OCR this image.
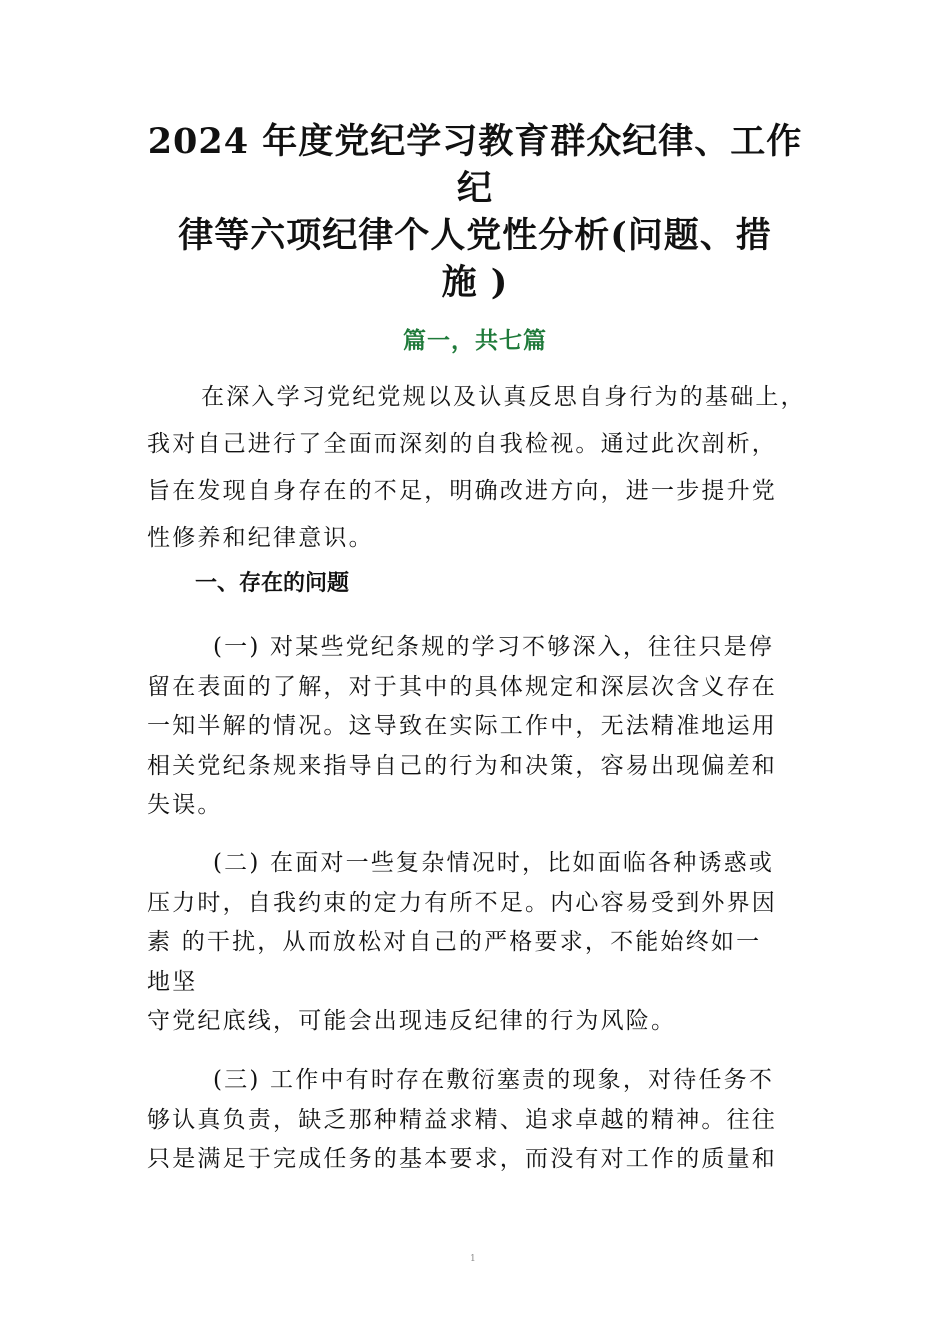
2024 年度党纪学习教育群众纪律、工作纪
律等六项纪律个人党性分析(问题、措
施 )
篇一，共七篇
在深入学习党纪党规以及认真反思自身行为的基础上，
我对自己进行了全面而深刻的自我检视。通过此次剖析，
旨在发现自身存在的不足，明确改进方向，进一步提升党
性修养和纪律意识。
一、存在的问题
(一) 对某些党纪条规的学习不够深入，往往只是停
留在表面的了解，对于其中的具体规定和深层次含义存在
一知半解的情况。这导致在实际工作中，无法精准地运用
相关党纪条规来指导自己的行为和决策，容易出现偏差和
失误。
(二) 在面对一些复杂情况时，比如面临各种诱惑或
压力时，自我约束的定力有所不足。内心容易受到外界因
素 的干扰，从而放松对自己的严格要求，不能始终如一
地坚
守党纪底线，可能会出现违反纪律的行为风险。
(三) 工作中有时存在敷衍塞责的现象，对待任务不
够认真负责，缺乏那种精益求精、追求卓越的精神。往往
只是满足于完成任务的基本要求，而没有对工作的质量和
1
